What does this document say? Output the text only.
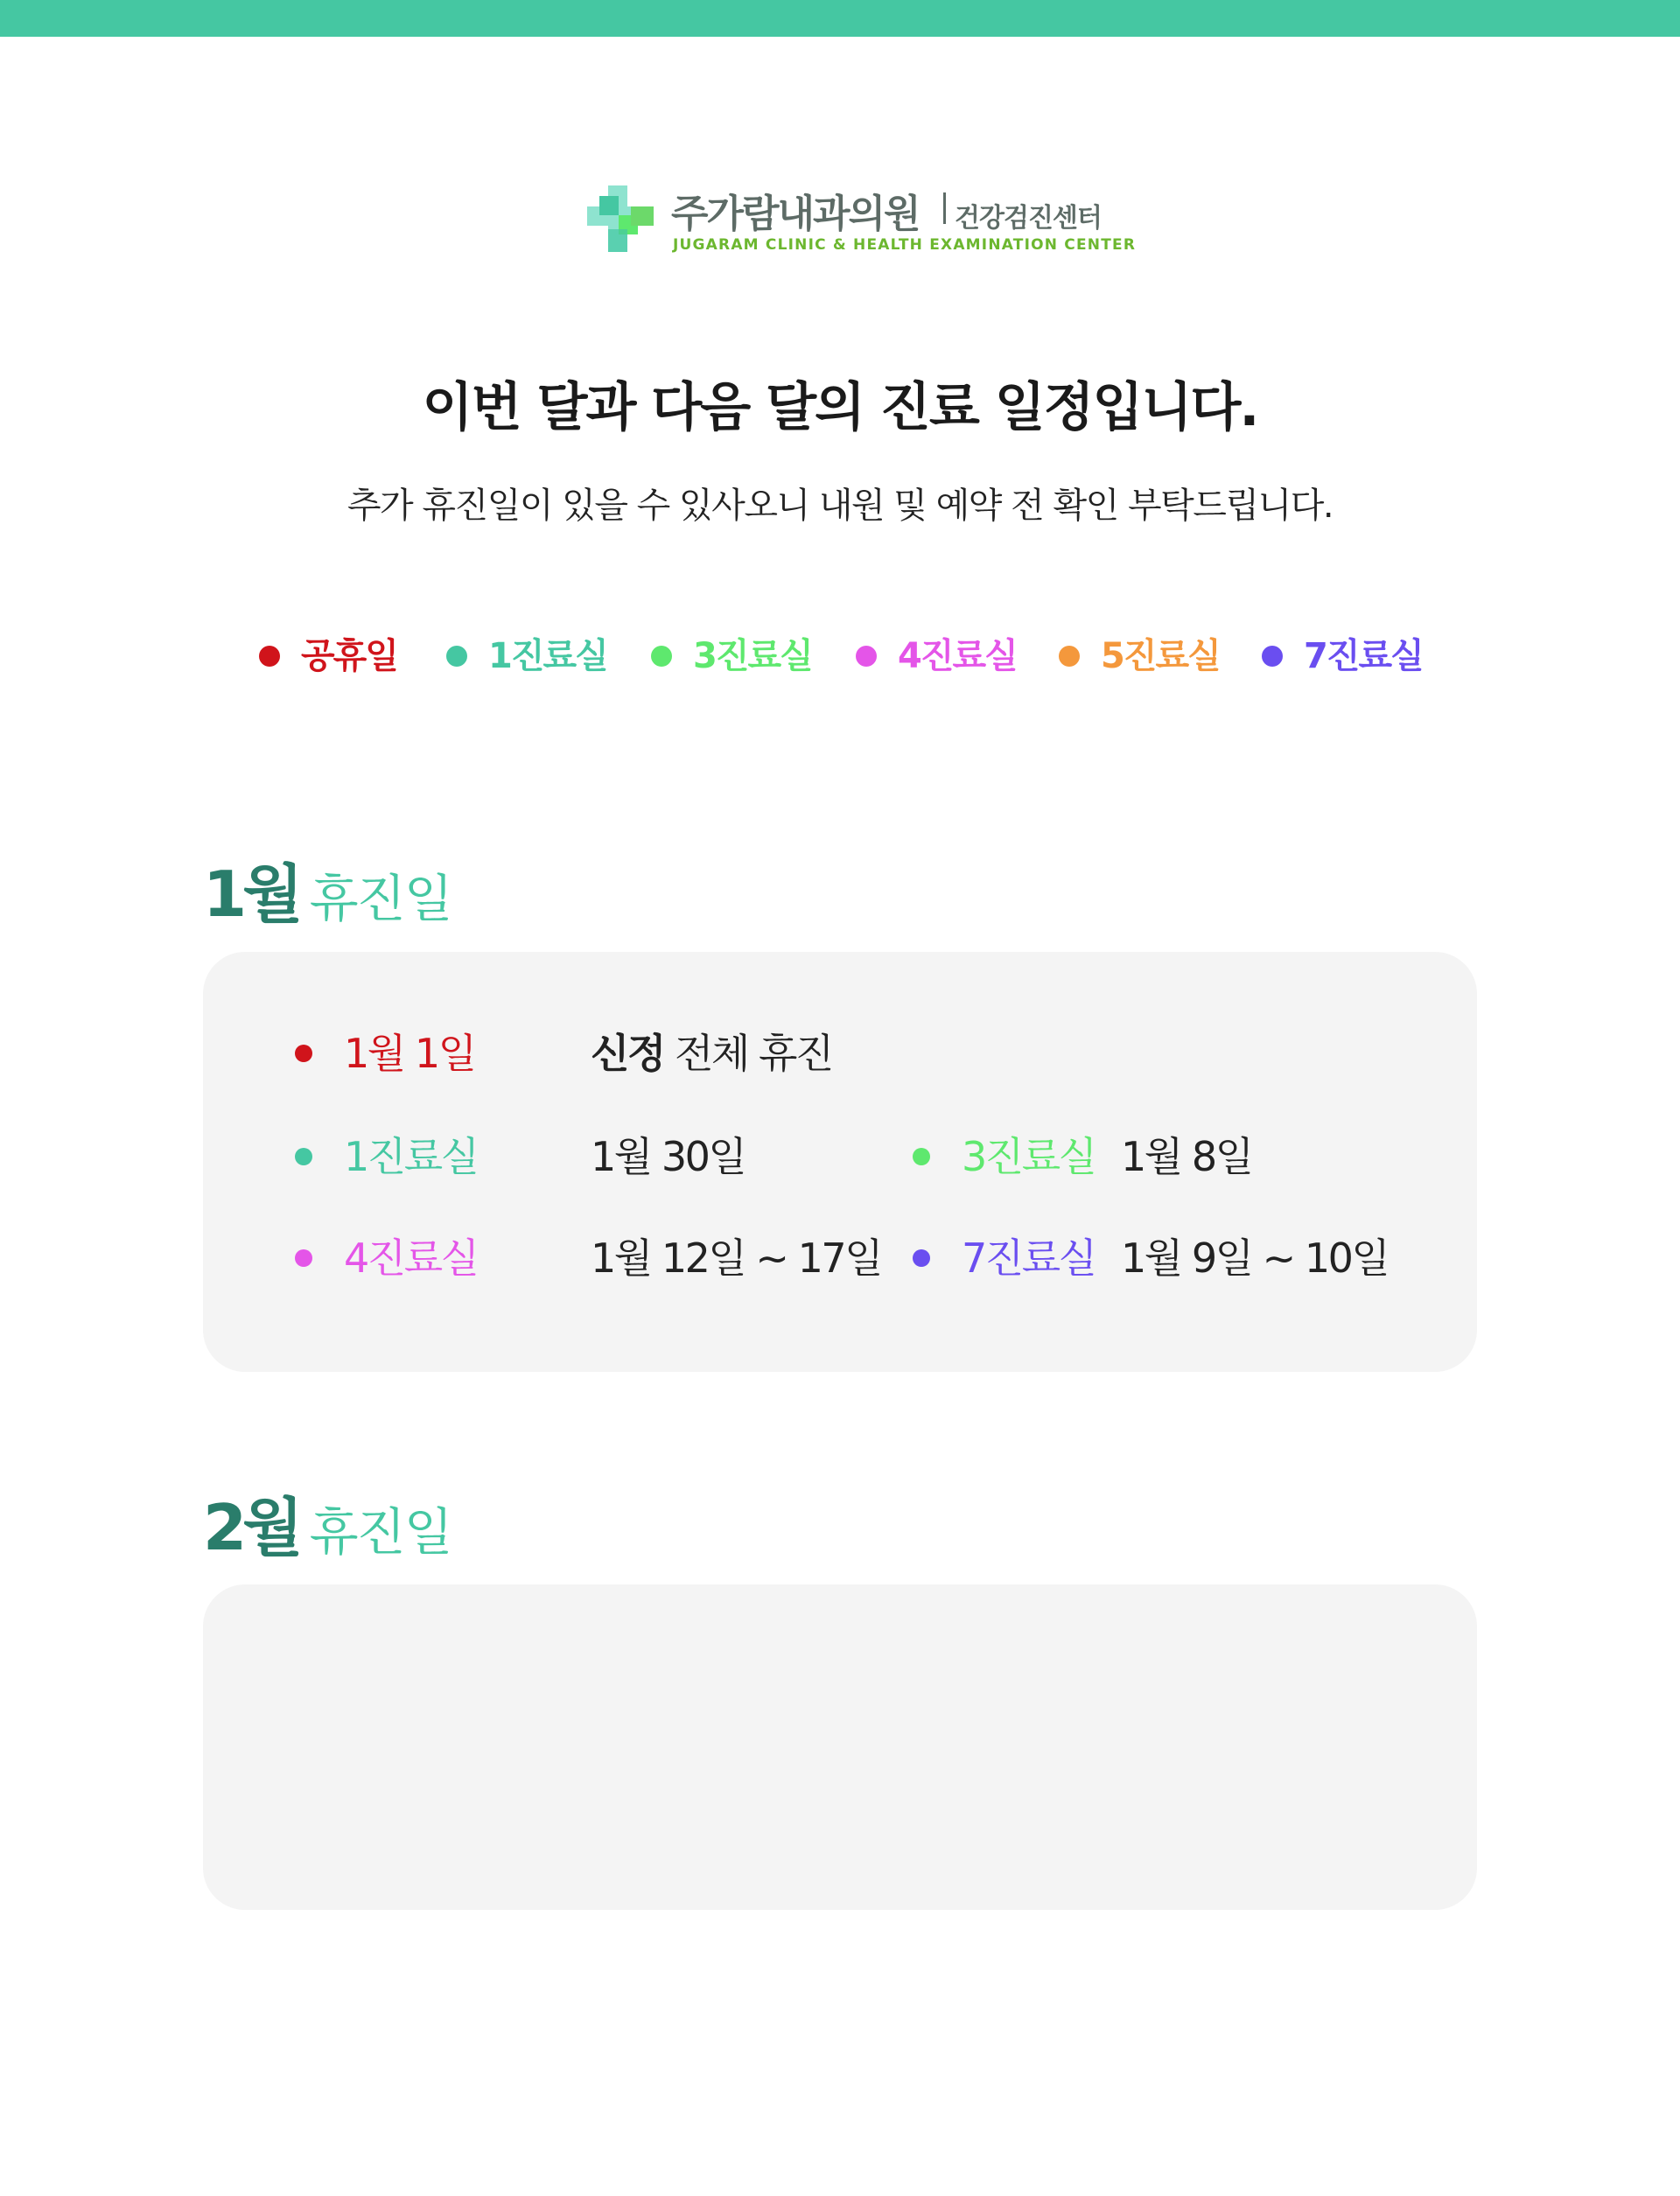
주가람내과의원 건강검진센터
JUGARAM CLINIC & HEALTH EXAMINATION CENTER
이번 달과 다음 달의 진료 일정입니다.
추가 휴진일이 있을 수 있사오니 내원 및 예약 전 확인 부탁드립니다.
공휴일	1진료실 3진료실 4진료실 5진료실 7진료실
1월 휴진일
1월 1일	신정 전체 휴진
1진료실	1월 30일	3진료실 1월 8일
4진료실	1월 12일 ~ 17일 7진료실 1월 9일 ~ 10일
2월 휴진일
